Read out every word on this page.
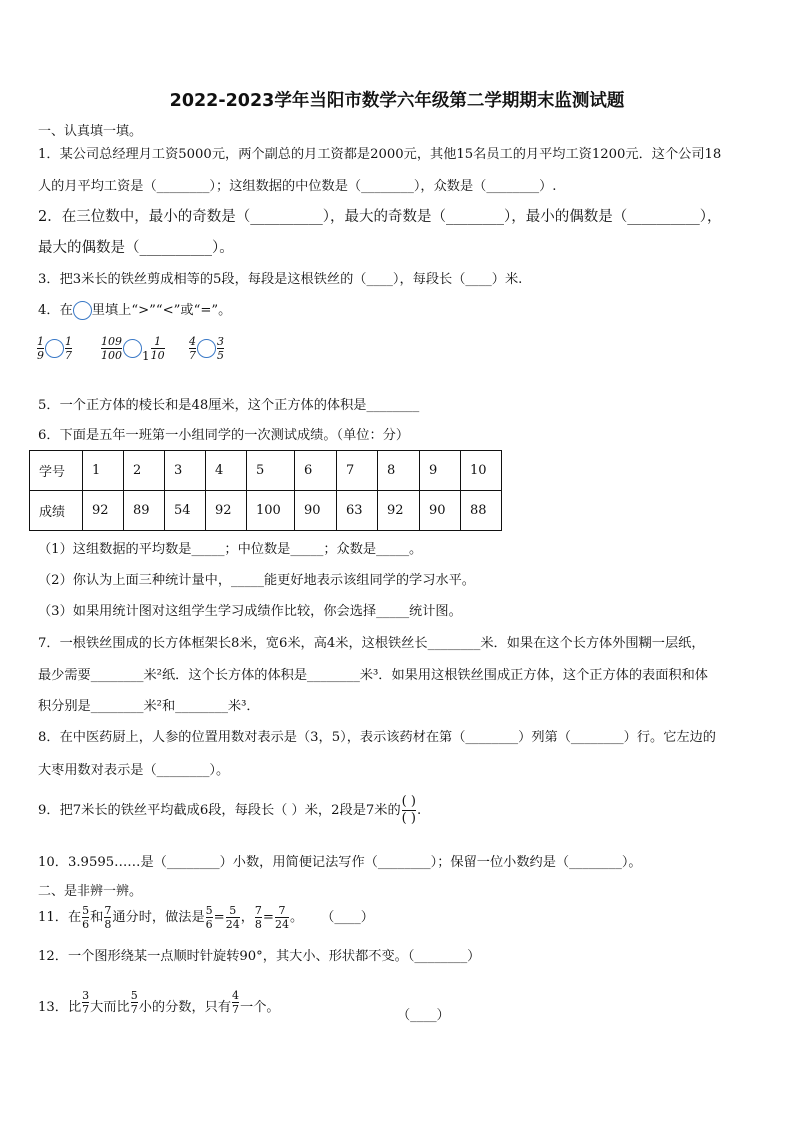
2022-2023学年当阳市数学六年级第二学期期末监测试题
一、认真填一填。
1．某公司总经理月工资5000元，两个副总的月工资都是2000元，其他15名员工的月平均工资1200元．这个公司18
人的月平均工资是（________）；这组数据的中位数是（________），众数是（________）.
2．在三位数中，最小的奇数是（__________），最大的奇数是（________），最小的偶数是（__________），
最大的偶数是（__________）。
3．把3米长的铁丝剪成相等的5段，每段是这根铁丝的（____），每段长（____）米.
4．在 里填上“>”“<”或“=”。
$\frac{1}{9} \frac{1}{7}$	$\frac{109}{100} 1 \frac{1}{10} \frac{4}{7} \frac{3}{5}$
5．一个正方体的棱长和是48厘米，这个正方体的体积是________
6．下面是五年一班第一小组同学的一次测试成绩。（单位：分）
学号	1	2	3	4	5	6	7	8	9	10
成绩	92	89	54	92	100	90	63	92	90	88
（1）这组数据的平均数是_____；中位数是_____；众数是_____。
（2）你认为上面三种统计量中，_____能更好地表示该组同学的学习水平。
（3）如果用统计图对这组学生学习成绩作比较，你会选择_____统计图。
7．一根铁丝围成的长方体框架长8米，宽6米，高4米，这根铁丝长________米．如果在这个长方体外围糊一层纸，
最少需要________米²纸．这个长方体的体积是________米³．如果用这根铁丝围成正方体，这个正方体的表面积和体
积分别是________米²和________米³．
8．在中医药厨上，人参的位置用数对表示是（3，5），表示该药材在第（________）列第（________）行。它左边的
大枣用数对表示是（________）。
9．把7米长的铁丝平均截成6段，每段长（ ）米，2段是7米的 $\frac{( )}{( )}$ .
10．3.9595……是（________）小数，用简便记法写作（________）；保留一位小数约是（________）。
二、是非辨一辨。
11．在 $\frac{5}{6}$ 和 $\frac{7}{8}$ 通分时，做法是 $\frac{5}{6} = \frac{5}{24}$ ， $\frac{7}{8} = \frac{7}{24}$ 。 （____）
12．一个图形绕某一点顺时针旋转90°，其大小、形状都不变。（________）
13．比 $\frac{3}{7}$ 大而比 $\frac{5}{7}$ 小的分数，只有 $\frac{4}{7}$ 一个。
（____）
